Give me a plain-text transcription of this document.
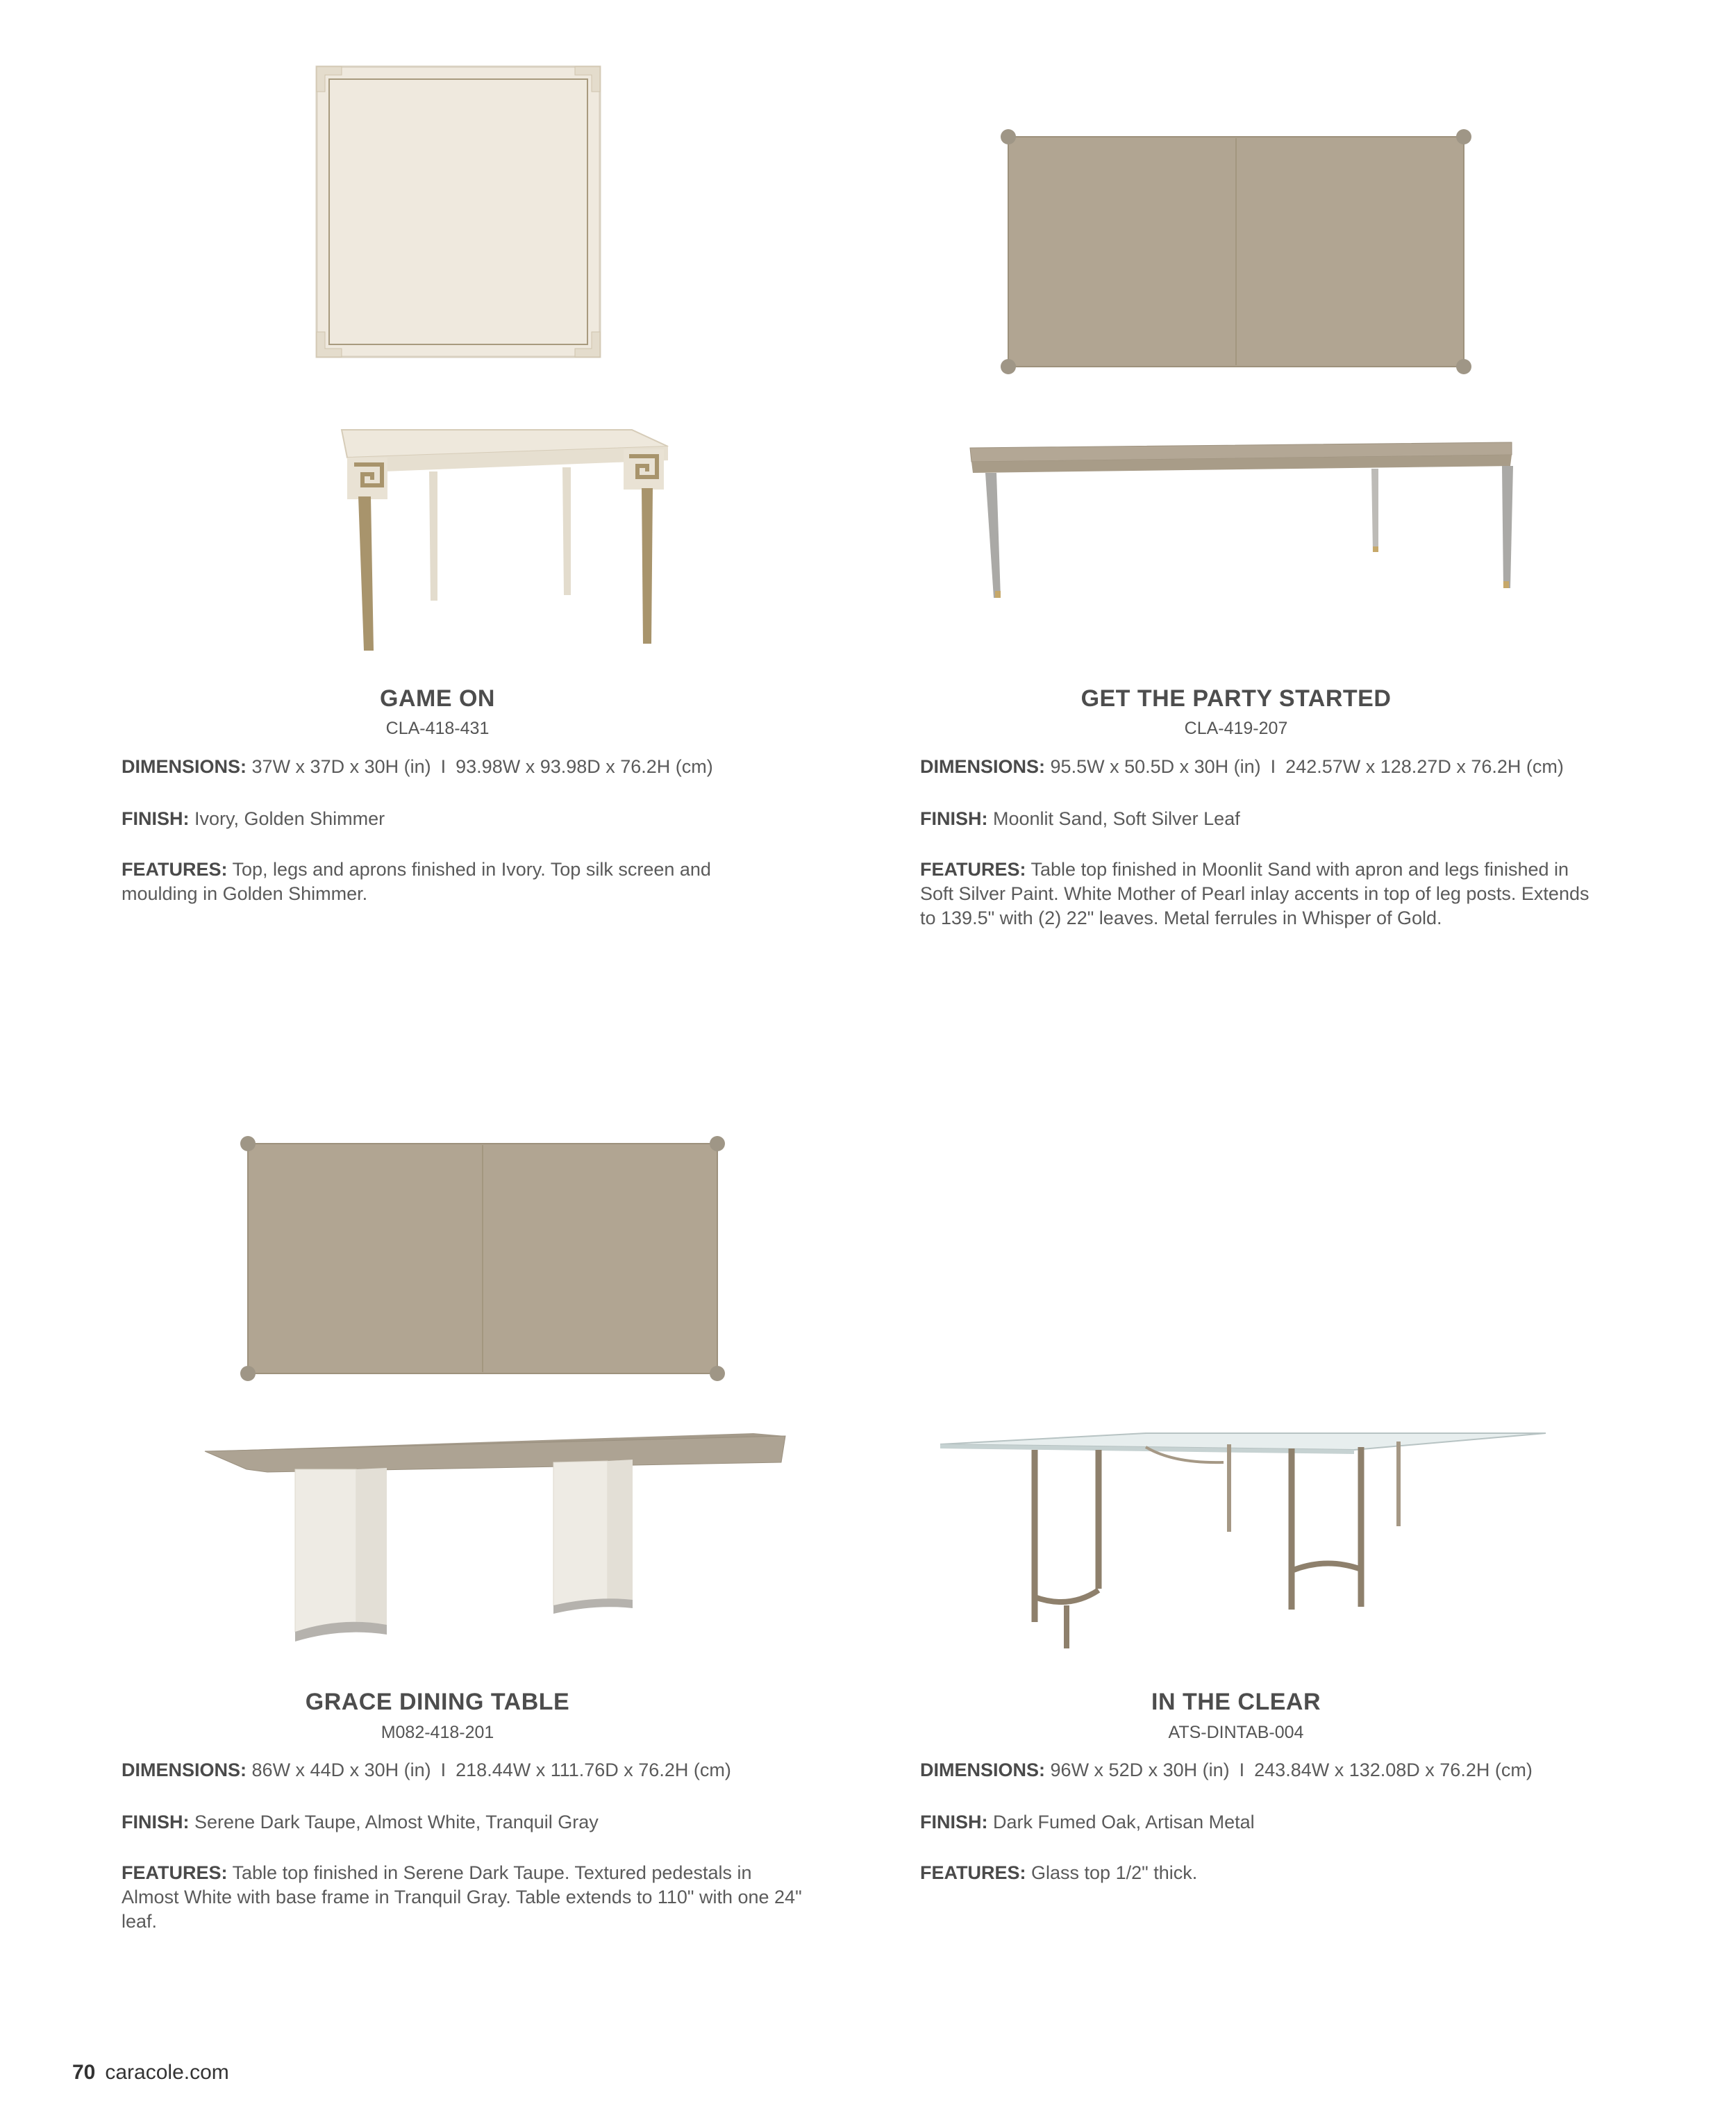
GAME ON
CLA-418-431
DIMENSIONS: 37W x 37D x 30H (in) I 93.98W x 93.98D x 76.2H (cm)
FINISH: Ivory, Golden Shimmer
FEATURES: Top, legs and aprons finished in Ivory. Top silk screen and moulding in Golden Shimmer.
GET THE PARTY STARTED
CLA-419-207
DIMENSIONS: 95.5W x 50.5D x 30H (in) I 242.57W x 128.27D x 76.2H (cm)
FINISH: Moonlit Sand, Soft Silver Leaf
FEATURES: Table top finished in Moonlit Sand with apron and legs finished in Soft Silver Paint. White Mother of Pearl inlay accents in top of leg posts. Extends to 139.5" with (2) 22" leaves. Metal ferrules in Whisper of Gold.
GRACE DINING TABLE
M082-418-201
DIMENSIONS: 86W x 44D x 30H (in) I 218.44W x 111.76D x 76.2H (cm)
FINISH: Serene Dark Taupe, Almost White, Tranquil Gray
FEATURES: Table top finished in Serene Dark Taupe. Textured pedestals in Almost White with base frame in Tranquil Gray. Table extends to 110" with one 24" leaf.
IN THE CLEAR
ATS-DINTAB-004
DIMENSIONS: 96W x 52D x 30H (in) I 243.84W x 132.08D x 76.2H (cm)
FINISH: Dark Fumed Oak, Artisan Metal
FEATURES: Glass top 1/2" thick.
70 caracole.com
